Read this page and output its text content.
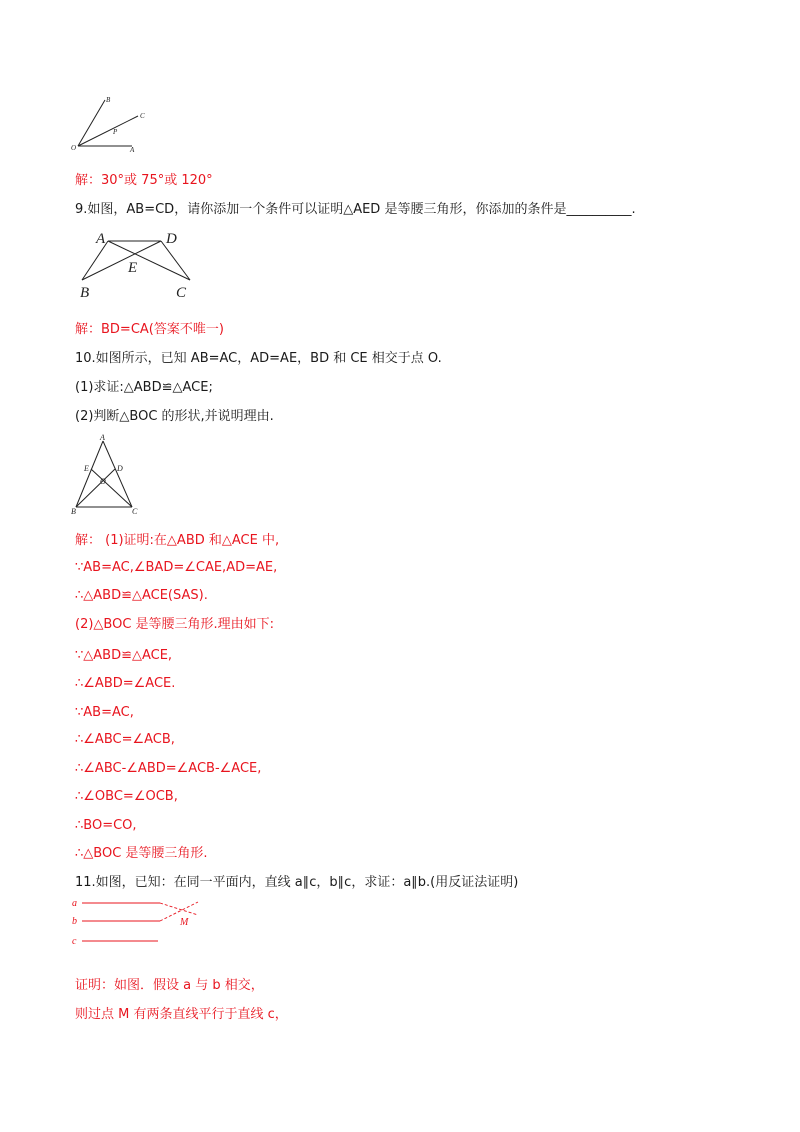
B
C
P
O	A
解：30°或 75°或 120°
9.如图，AB=CD，请你添加一个条件可以证明△AED 是等腰三角形，你添加的条件是__________.
A	D
E
B	C
解：BD=CA(答案不唯一)
10.如图所示，已知 AB=AC，AD=AE，BD 和 CE 相交于点 O.
(1)求证:△ABD≌△ACE;
(2)判断△BOC 的形状,并说明理由.
A
E	D
O
B	C
解： (1)证明:在△ABD 和△ACE 中,
∵AB=AC,∠BAD=∠CAE,AD=AE,
∴△ABD≌△ACE(SAS).
(2)△BOC 是等腰三角形.理由如下:
∵△ABD≌△ACE,
∴∠ABD=∠ACE.
∵AB=AC,
∴∠ABC=∠ACB,
∴∠ABC-∠ABD=∠ACB-∠ACE,
∴∠OBC=∠OCB,
∴BO=CO,
∴△BOC 是等腰三角形.
11.如图，已知：在同一平面内，直线 a∥c，b∥c，求证：a∥b.(用反证法证明)
a
b
c
M
证明：如图．假设 a 与 b 相交，
则过点 M 有两条直线平行于直线 c，
